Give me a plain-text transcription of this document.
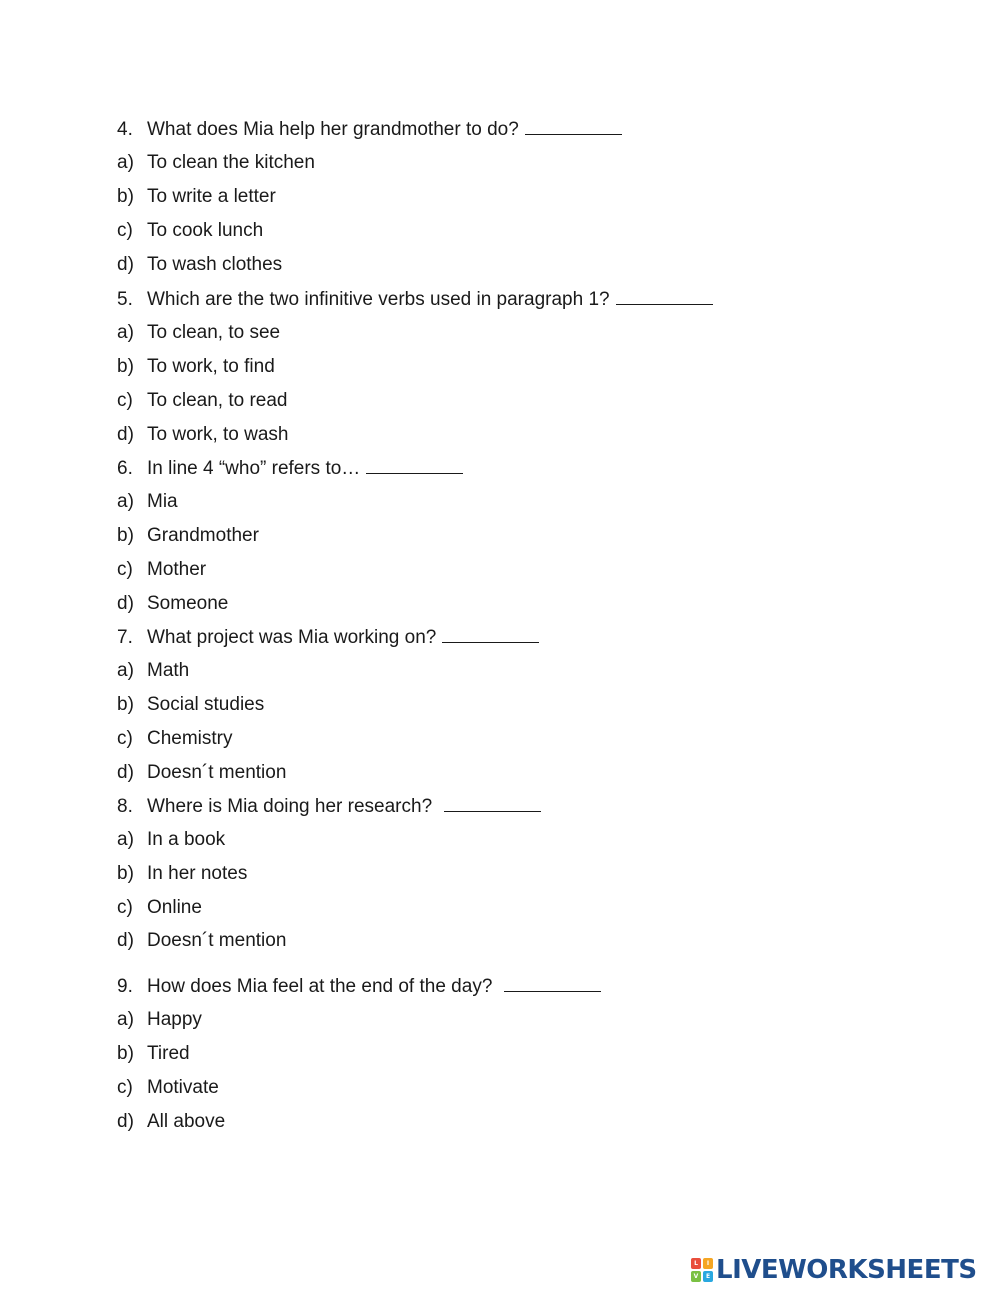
4. What does Mia help her grandmother to do?
a) To clean the kitchen
b) To write a letter
c) To cook lunch
d) To wash clothes
5. Which are the two infinitive verbs used in paragraph 1?
a) To clean, to see
b) To work, to find
c) To clean, to read
d) To work, to wash
6. In line 4 “who” refers to…
a) Mia
b) Grandmother
c) Mother
d) Someone
7. What project was Mia working on?
a) Math
b) Social studies
c) Chemistry
d) Doesn´t mention
8. Where is Mia doing her research?
a) In a book
b) In her notes
c) Online
d) Doesn´t mention
9. How does Mia feel at the end of the day?
a) Happy
b) Tired
c) Motivate
d) All above
L	I
V	E LIVEWORKSHEETS
